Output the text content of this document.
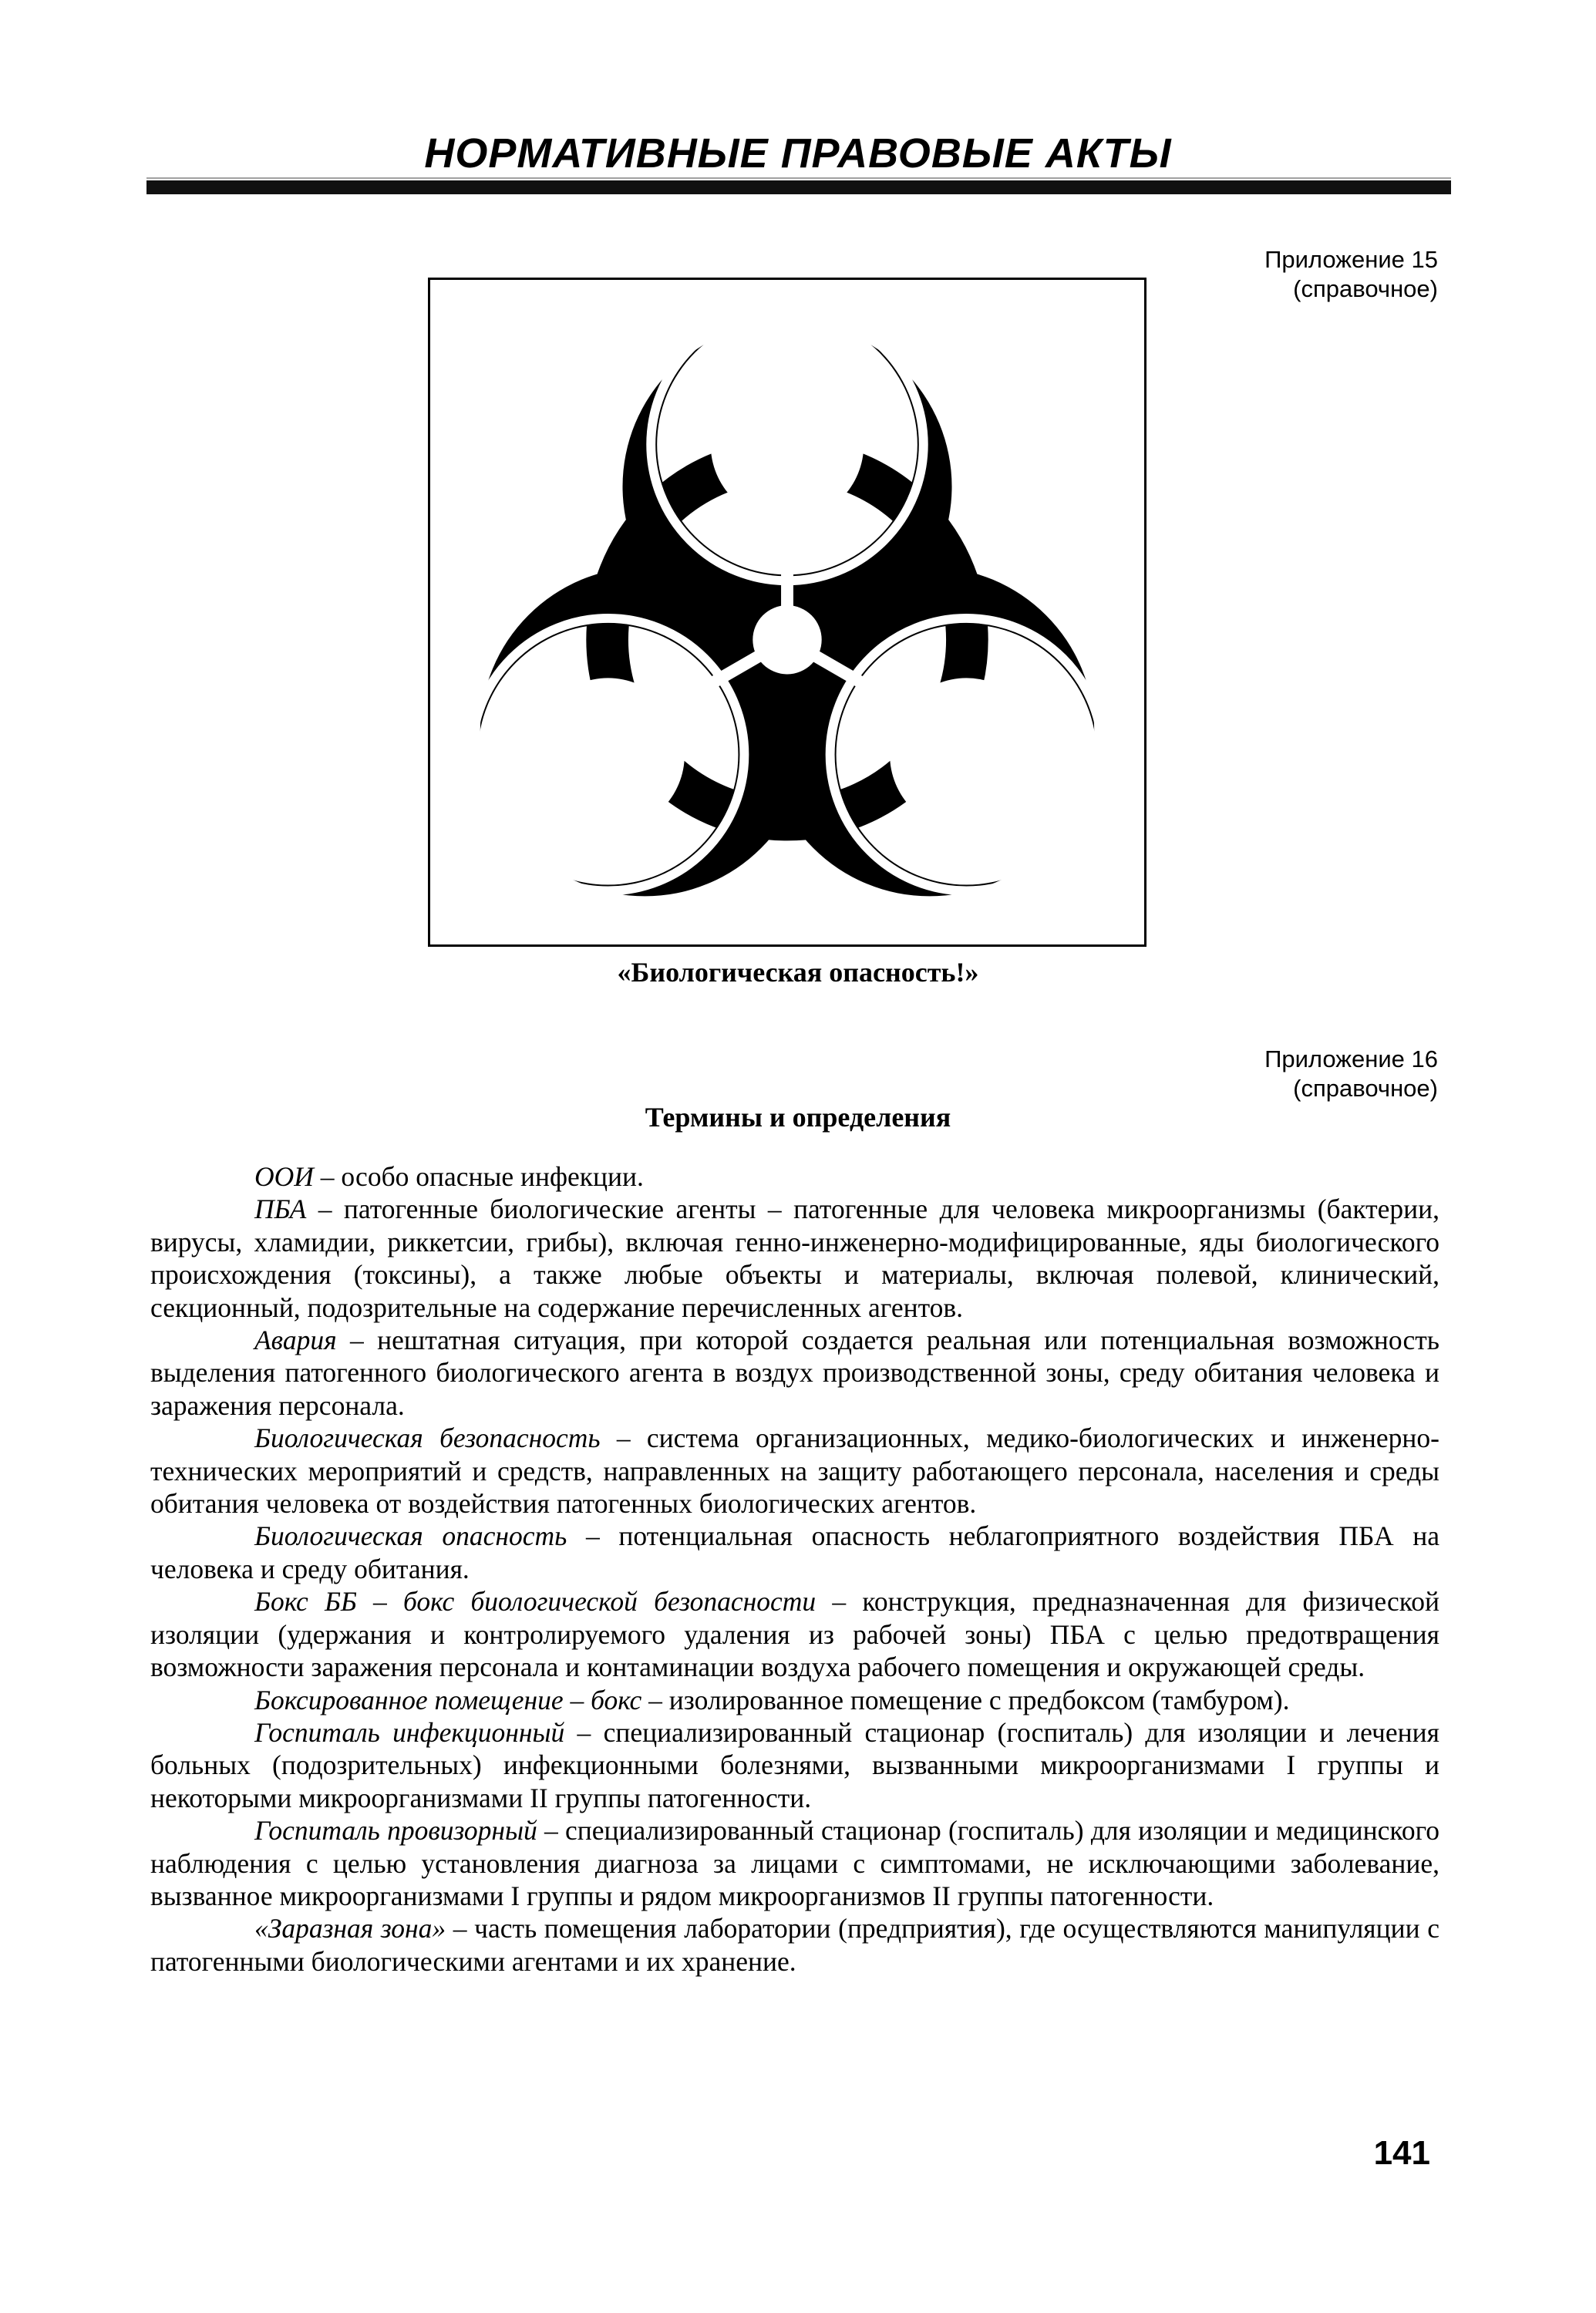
НОРМАТИВНЫЕ ПРАВОВЫЕ АКТЫ
Приложение 15
(справочное)
«Биологическая опасность!»
Приложение 16
(справочное)
Термины и определения

ООИ – особо опасные инфекции.

ПБА – патогенные биологические агенты – патогенные для человека микроорганизмы (бактерии, вирусы, хламидии, риккетсии, грибы), включая генно-инженерно-модифицированные, яды биологического происхождения (токсины), а также любые объекты и материалы, включая полевой, клинический, секционный, подозрительные на содержание перечисленных агентов.

Авария – нештатная ситуация, при которой создается реальная или потенциальная возможность выделения патогенного биологического агента в воздух производственной зоны, среду обитания человека и заражения персонала.

Биологическая безопасность – система организационных, медико-биологических и инженерно-технических мероприятий и средств, направленных на защиту работающего персонала, населения и среды обитания человека от воздействия патогенных биологических агентов.

Биологическая опасность – потенциальная опасность неблагоприятного воздействия ПБА на человека и среду обитания.

Бокс ББ – бокс биологической безопасности – конструкция, предназначенная для физической изоляции (удержания и контролируемого удаления из рабочей зоны) ПБА с целью предотвращения возможности заражения персонала и контаминации воздуха рабочего помещения и окружающей среды.

Боксированное помещение – бокс – изолированное помещение с предбоксом (тамбуром).

Госпиталь инфекционный – специализированный стационар (госпиталь) для изоляции и лечения больных (подозрительных) инфекционными болезнями, вызванными микроорганизмами I группы и некоторыми микроорганизмами II группы патогенности.

Госпиталь провизорный – специализированный стационар (госпиталь) для изоляции и медицинского наблюдения с целью установления диагноза за лицами с симптомами, не исключающими заболевание, вызванное микроорганизмами I группы и рядом микроорганизмов II группы патогенности.

«Заразная зона» – часть помещения лаборатории (предприятия), где осуществляются манипуляции с патогенными биологическими агентами и их хранение.

141
